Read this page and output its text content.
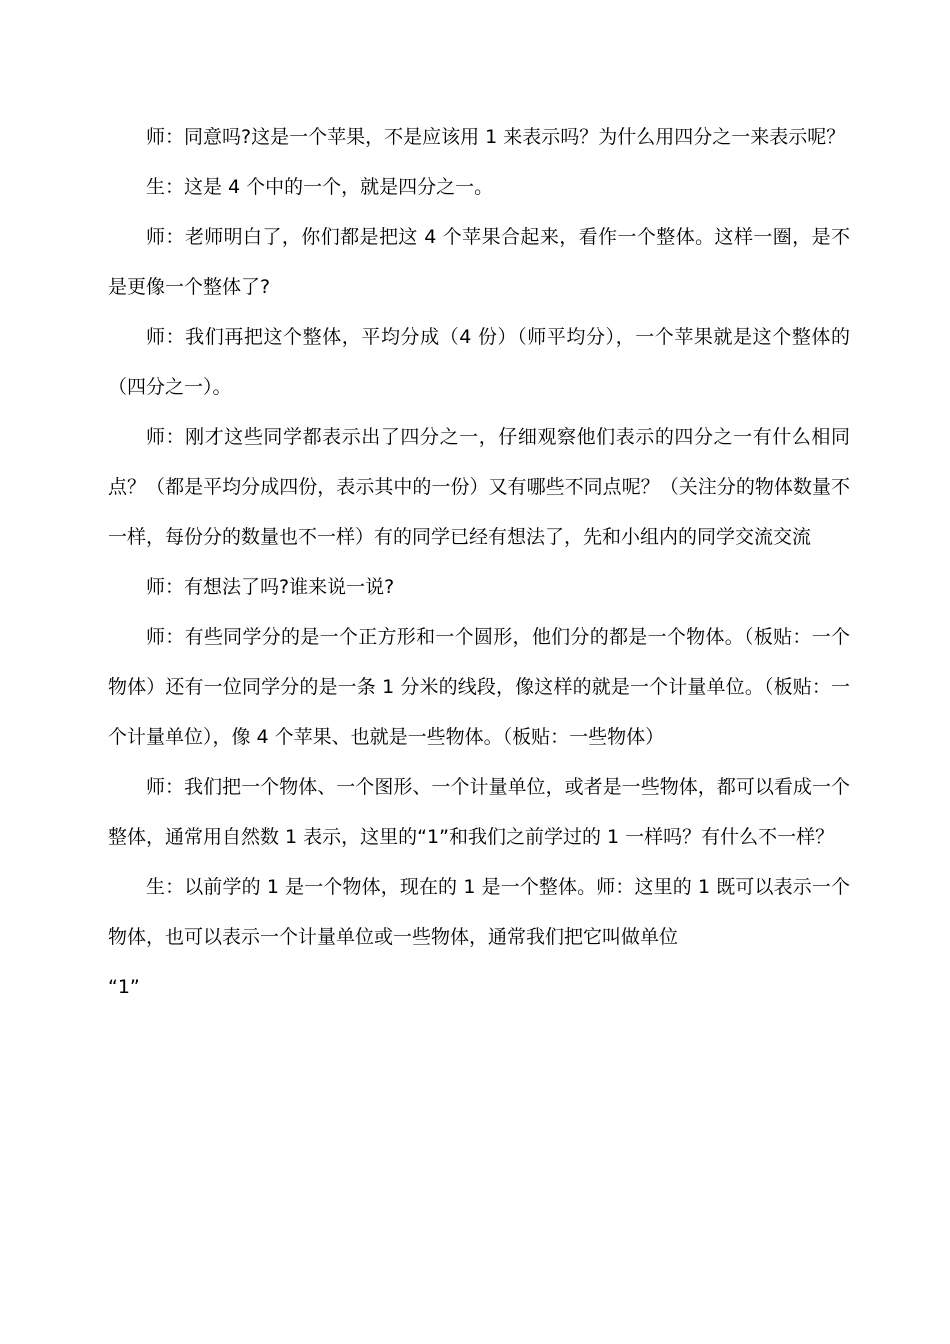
师：同意吗?这是一个苹果，不是应该用 1 来表示吗？为什么用四分之一来表示呢？

生：这是 4 个中的一个，就是四分之一。

师：老师明白了，你们都是把这 4 个苹果合起来，看作一个整体。这样一圈，是不是更像一个整体了?

师：我们再把这个整体，平均分成（4 份）（师平均分），一个苹果就是这个整体的（四分之一）。

师：刚才这些同学都表示出了四分之一，仔细观察他们表示的四分之一有什么相同点？（都是平均分成四份，表示其中的一份）又有哪些不同点呢？（关注分的物体数量不一样，每份分的数量也不一样）有的同学已经有想法了，先和小组内的同学交流交流

师：有想法了吗?谁来说一说?

师：有些同学分的是一个正方形和一个圆形，他们分的都是一个物体。（板贴：一个物体）还有一位同学分的是一条 1 分米的线段，像这样的就是一个计量单位。（板贴：一个计量单位），像 4 个苹果、也就是一些物体。（板贴：一些物体）

师：我们把一个物体、一个图形、一个计量单位，或者是一些物体，都可以看成一个整体，通常用自然数 1 表示，这里的“1”和我们之前学过的 1 一样吗？有什么不一样？

生：以前学的 1 是一个物体，现在的 1 是一个整体。师：这里的 1 既可以表示一个物体，也可以表示一个计量单位或一些物体，通常我们把它叫做单位

“1”
